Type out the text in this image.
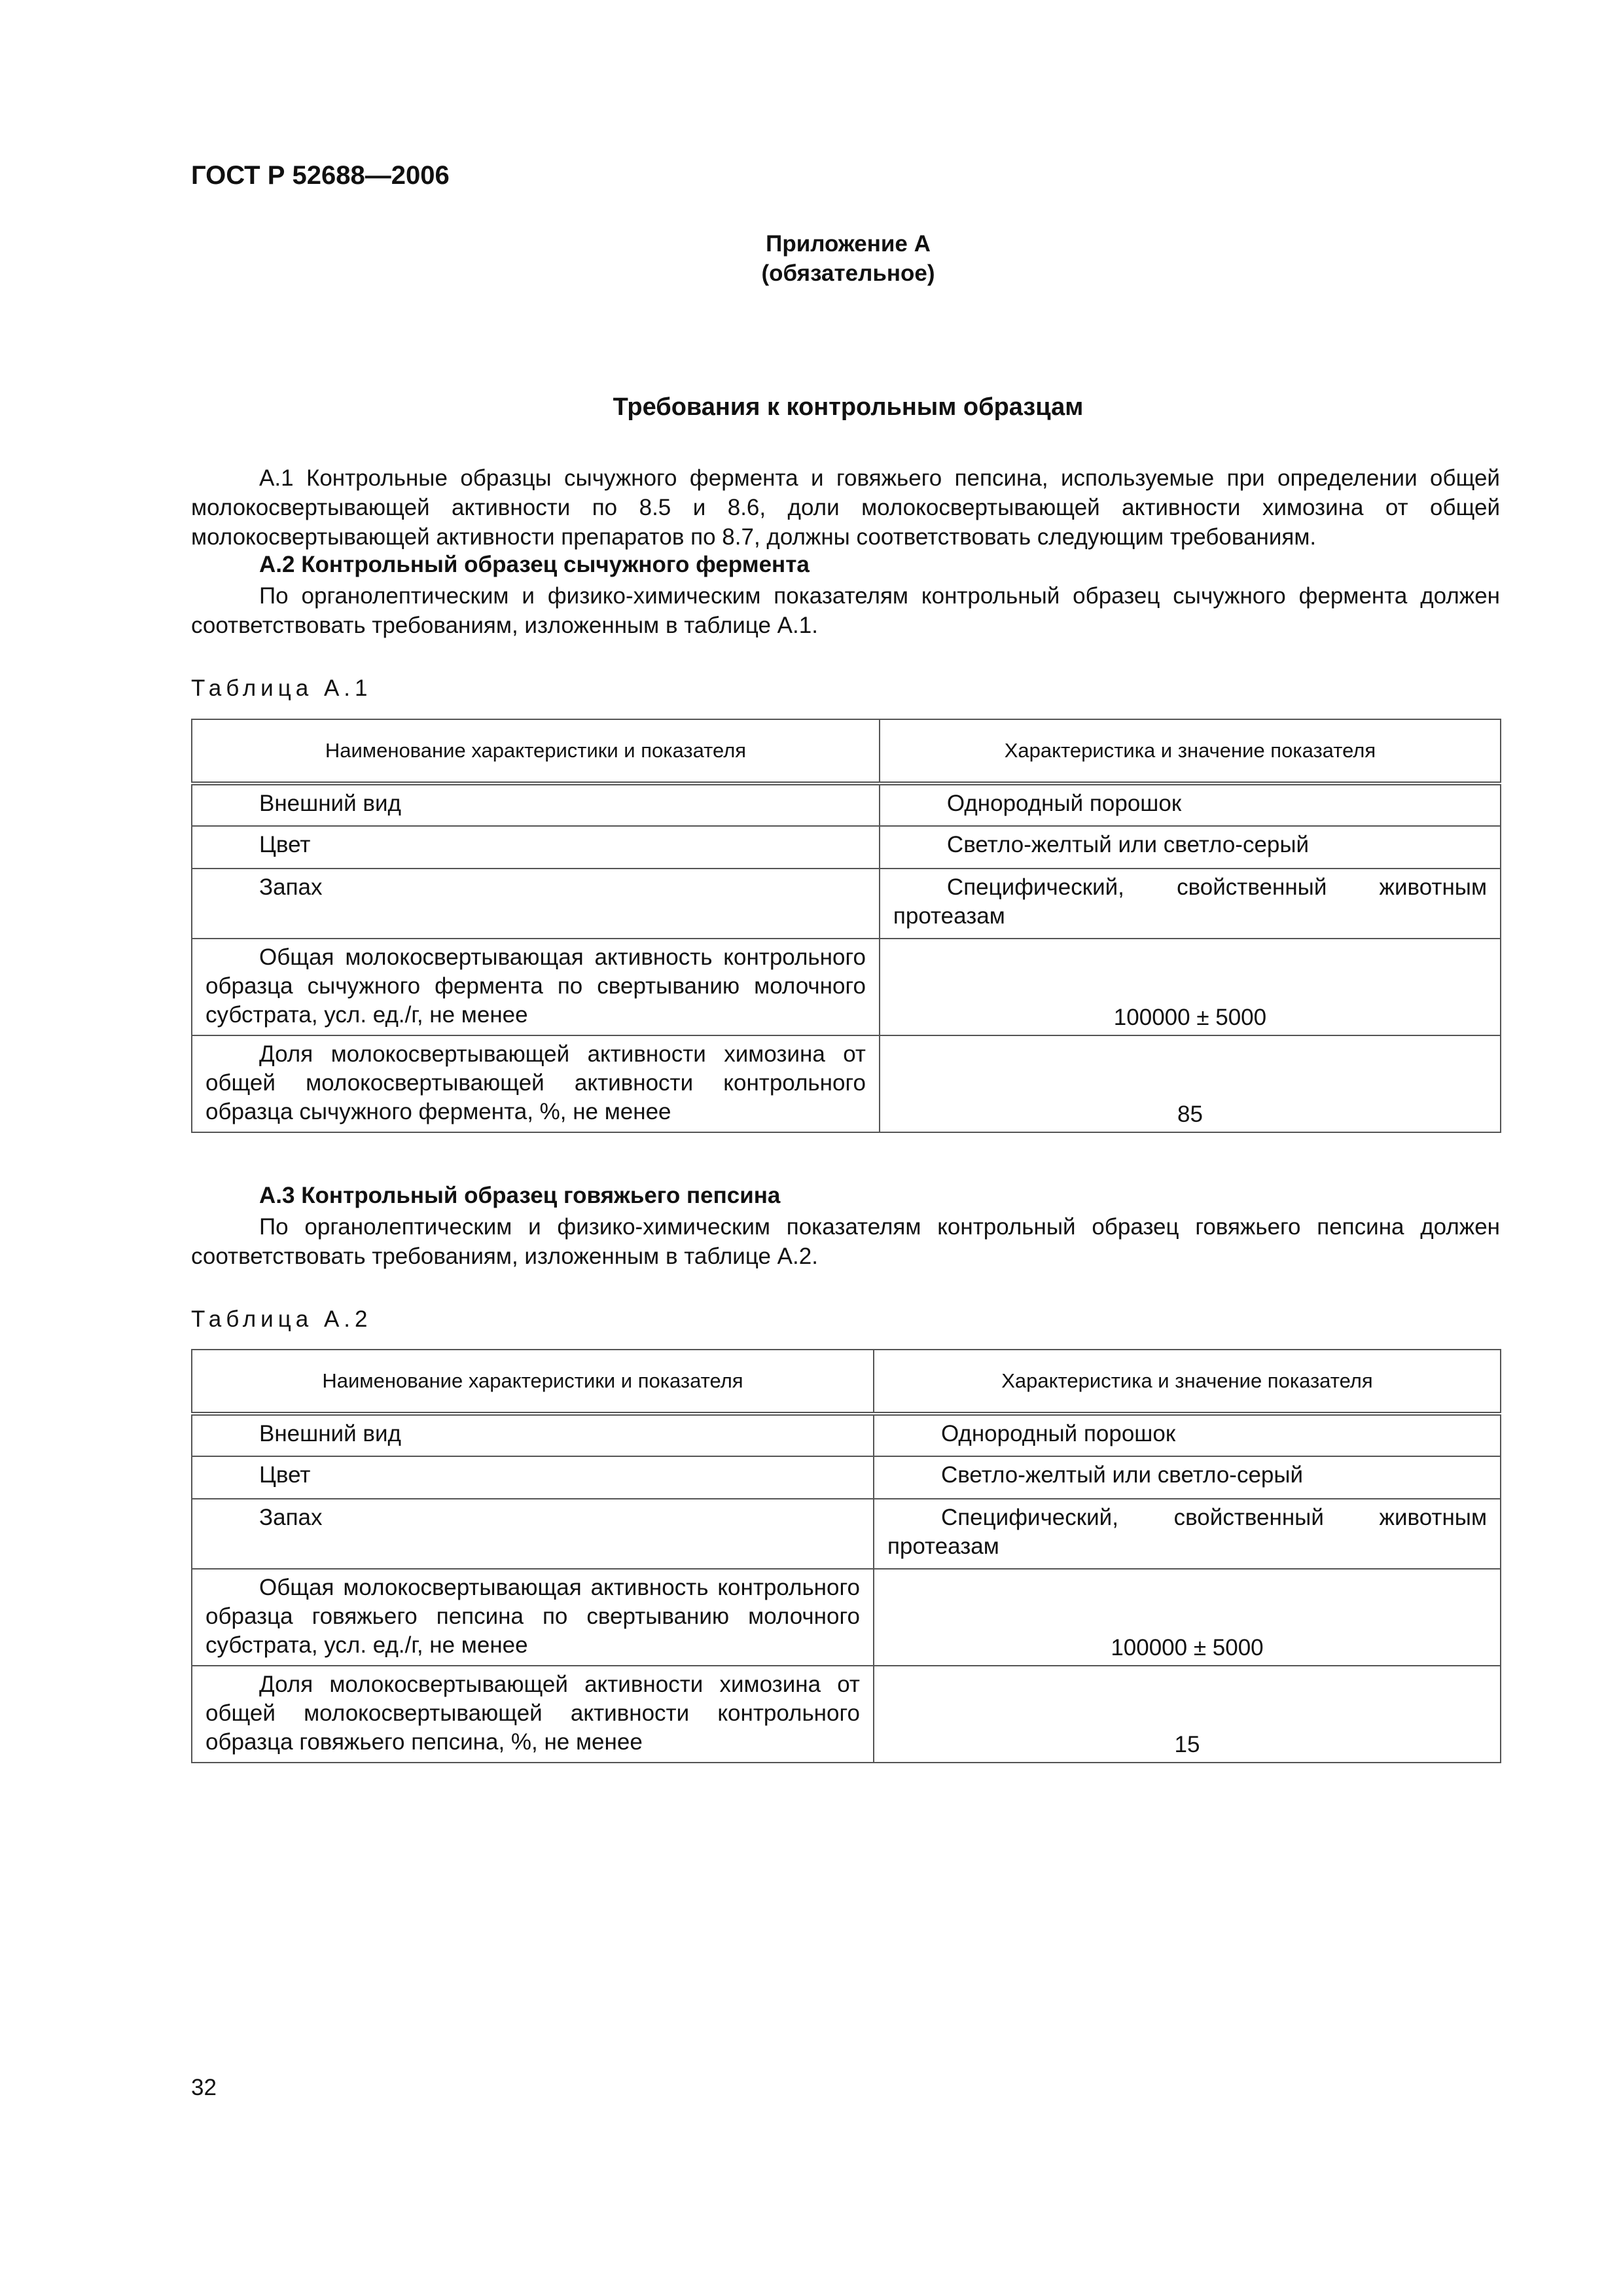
ГОСТ Р 52688—2006
Приложение А
(обязательное)
Требования к контрольным образцам

А.1 Контрольные образцы сычужного фермента и говяжьего пепсина, используемые при определении общей молокосвертывающей активности по 8.5 и 8.6, доли молокосвертывающей активности химозина от общей молокосвертывающей активности препаратов по 8.7, должны соответствовать следующим требованиям.

А.2 Контрольный образец сычужного фермента

По органолептическим и физико-химическим показателям контрольный образец сычужного фермента должен соответствовать требованиям, изложенным в таблице А.1.

Таблица А.1
Наименование характеристики и показателя	Характеристика и значение показателя

Внешний вид	Однородный порошок

Цвет	Светло-желтый или светло-серый

Запах	Специфический, свойственный животным протеазам

Общая молокосвертывающая активность контрольного образца сычужного фермента по свертыванию молочного субстрата, усл. ед./г, не менее	100000 ± 5000

Доля молокосвертывающей активности химозина от общей молокосвертывающей активности контрольного образца сычужного фермента, %, не менее	85
А.3 Контрольный образец говяжьего пепсина

По органолептическим и физико-химическим показателям контрольный образец говяжьего пепсина должен соответствовать требованиям, изложенным в таблице А.2.

Таблица А.2
Наименование характеристики и показателя	Характеристика и значение показателя

Внешний вид	Однородный порошок

Цвет	Светло-желтый или светло-серый

Запах	Специфический, свойственный животным протеазам

Общая молокосвертывающая активность контрольного образца говяжьего пепсина по свертыванию молочного субстрата, усл. ед./г, не менее	100000 ± 5000

Доля молокосвертывающей активности химозина от общей молокосвертывающей активности контрольного образца говяжьего пепсина, %, не менее	15
32
